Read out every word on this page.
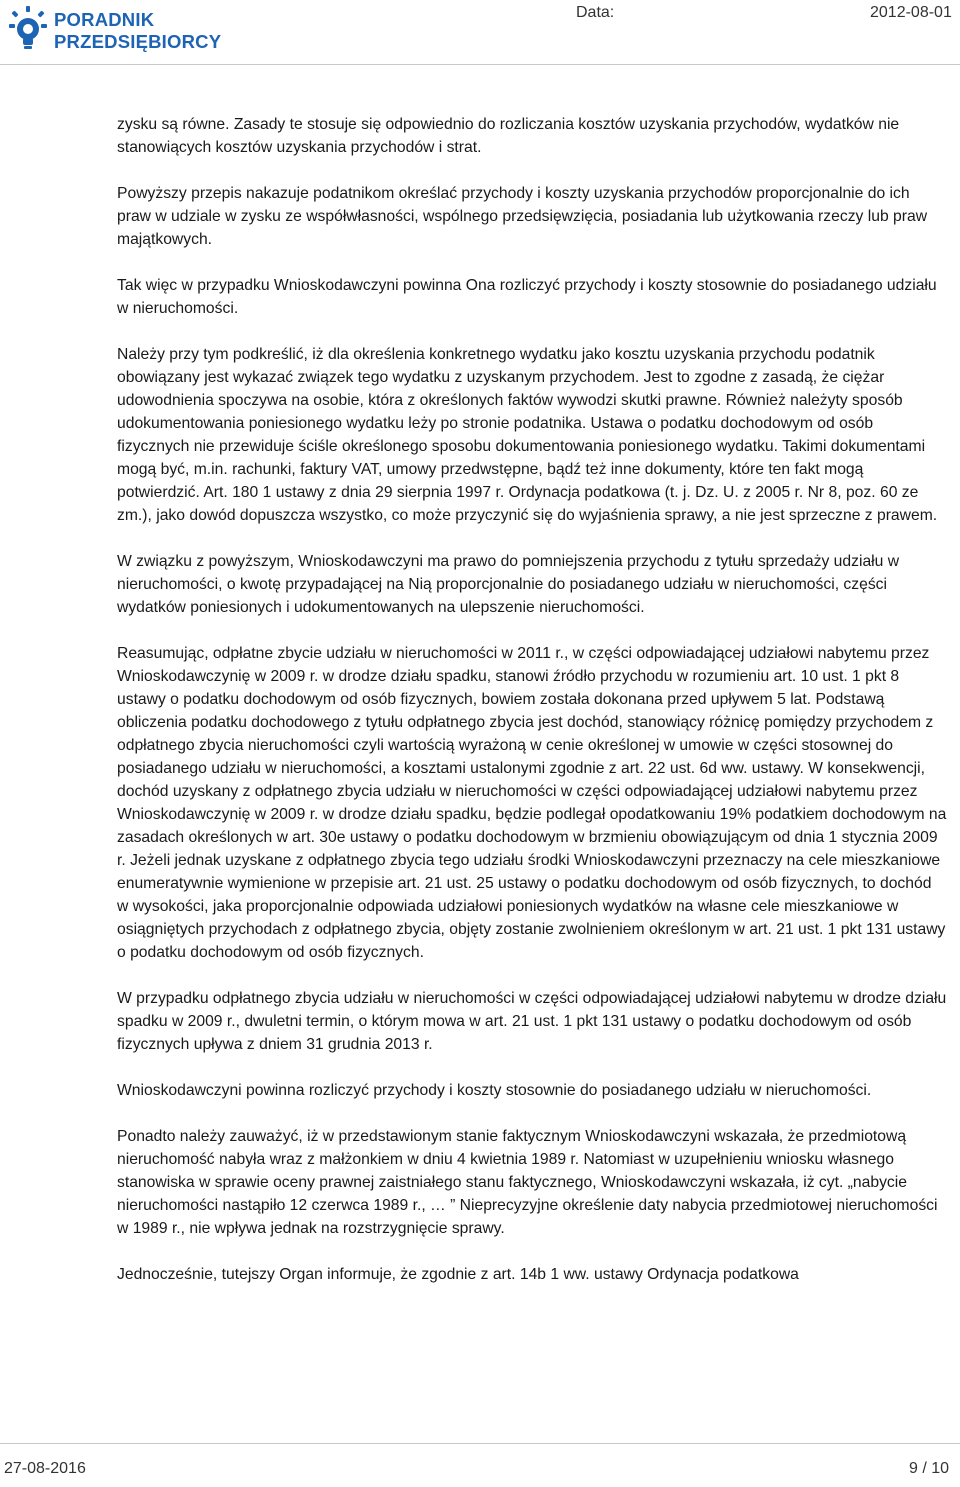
PORADNIK
PRZEDSIĘBIORCY
Data:	2012-08-01

zysku są równe. Zasady te stosuje się odpowiednio do rozliczania kosztów uzyskania przychodów, wydatków nie stanowiących kosztów uzyskania przychodów i strat.

Powyższy przepis nakazuje podatnikom określać przychody i koszty uzyskania przychodów proporcjonalnie do ich praw w udziale w zysku ze współwłasności, wspólnego przedsięwzięcia, posiadania lub użytkowania rzeczy lub praw majątkowych.

Tak więc w przypadku Wnioskodawczyni powinna Ona rozliczyć przychody i koszty stosownie do posiadanego udziału w nieruchomości.

Należy przy tym podkreślić, iż dla określenia konkretnego wydatku jako kosztu uzyskania przychodu podatnik obowiązany jest wykazać związek tego wydatku z uzyskanym przychodem. Jest to zgodne z zasadą, że ciężar udowodnienia spoczywa na osobie, która z określonych faktów wywodzi skutki prawne. Również należyty sposób udokumentowania poniesionego wydatku leży po stronie podatnika. Ustawa o podatku dochodowym od osób fizycznych nie przewiduje ściśle określonego sposobu dokumentowania poniesionego wydatku. Takimi dokumentami mogą być, m.in. rachunki, faktury VAT, umowy przedwstępne, bądź też inne dokumenty, które ten fakt mogą potwierdzić. Art. 180 1 ustawy z dnia 29 sierpnia 1997 r. Ordynacja podatkowa (t. j. Dz. U. z 2005 r. Nr 8, poz. 60 ze zm.), jako dowód dopuszcza wszystko, co może przyczynić się do wyjaśnienia sprawy, a nie jest sprzeczne z prawem.

W związku z powyższym, Wnioskodawczyni ma prawo do pomniejszenia przychodu z tytułu sprzedaży udziału w nieruchomości, o kwotę przypadającej na Nią proporcjonalnie do posiadanego udziału w nieruchomości, części wydatków poniesionych i udokumentowanych na ulepszenie nieruchomości.

Reasumując, odpłatne zbycie udziału w nieruchomości w 2011 r., w części odpowiadającej udziałowi nabytemu przez Wnioskodawczynię w 2009 r. w drodze działu spadku, stanowi źródło przychodu w rozumieniu art. 10 ust. 1 pkt 8 ustawy o podatku dochodowym od osób fizycznych, bowiem została dokonana przed upływem 5 lat. Podstawą obliczenia podatku dochodowego z tytułu odpłatnego zbycia jest dochód, stanowiący różnicę pomiędzy przychodem z odpłatnego zbycia nieruchomości czyli wartością wyrażoną w cenie określonej w umowie w części stosownej do posiadanego udziału w nieruchomości, a kosztami ustalonymi zgodnie z art. 22 ust. 6d ww. ustawy. W konsekwencji, dochód uzyskany z odpłatnego zbycia udziału w nieruchomości w części odpowiadającej udziałowi nabytemu przez Wnioskodawczynię w 2009 r. w drodze działu spadku, będzie podlegał opodatkowaniu 19% podatkiem dochodowym na zasadach określonych w art. 30e ustawy o podatku dochodowym w brzmieniu obowiązującym od dnia 1 stycznia 2009 r. Jeżeli jednak uzyskane z odpłatnego zbycia tego udziału środki Wnioskodawczyni przeznaczy na cele mieszkaniowe enumeratywnie wymienione w przepisie art. 21 ust. 25 ustawy o podatku dochodowym od osób fizycznych, to dochód w wysokości, jaka proporcjonalnie odpowiada udziałowi poniesionych wydatków na własne cele mieszkaniowe w osiągniętych przychodach z odpłatnego zbycia, objęty zostanie zwolnieniem określonym w art. 21 ust. 1 pkt 131 ustawy o podatku dochodowym od osób fizycznych.

W przypadku odpłatnego zbycia udziału w nieruchomości w części odpowiadającej udziałowi nabytemu w drodze działu spadku w 2009 r., dwuletni termin, o którym mowa w art. 21 ust. 1 pkt 131 ustawy o podatku dochodowym od osób fizycznych upływa z dniem 31 grudnia 2013 r.

Wnioskodawczyni powinna rozliczyć przychody i koszty stosownie do posiadanego udziału w nieruchomości.

Ponadto należy zauważyć, iż w przedstawionym stanie faktycznym Wnioskodawczyni wskazała, że przedmiotową nieruchomość nabyła wraz z małżonkiem w dniu 4 kwietnia 1989 r. Natomiast w uzupełnieniu wniosku własnego stanowiska w sprawie oceny prawnej zaistniałego stanu faktycznego, Wnioskodawczyni wskazała, iż cyt. „nabycie nieruchomości nastąpiło 12 czerwca 1989 r., … ” Nieprecyzyjne określenie daty nabycia przedmiotowej nieruchomości w 1989 r., nie wpływa jednak na rozstrzygnięcie sprawy.

Jednocześnie, tutejszy Organ informuje, że zgodnie z art. 14b 1 ww. ustawy Ordynacja podatkowa

27-08-2016	9 / 10
